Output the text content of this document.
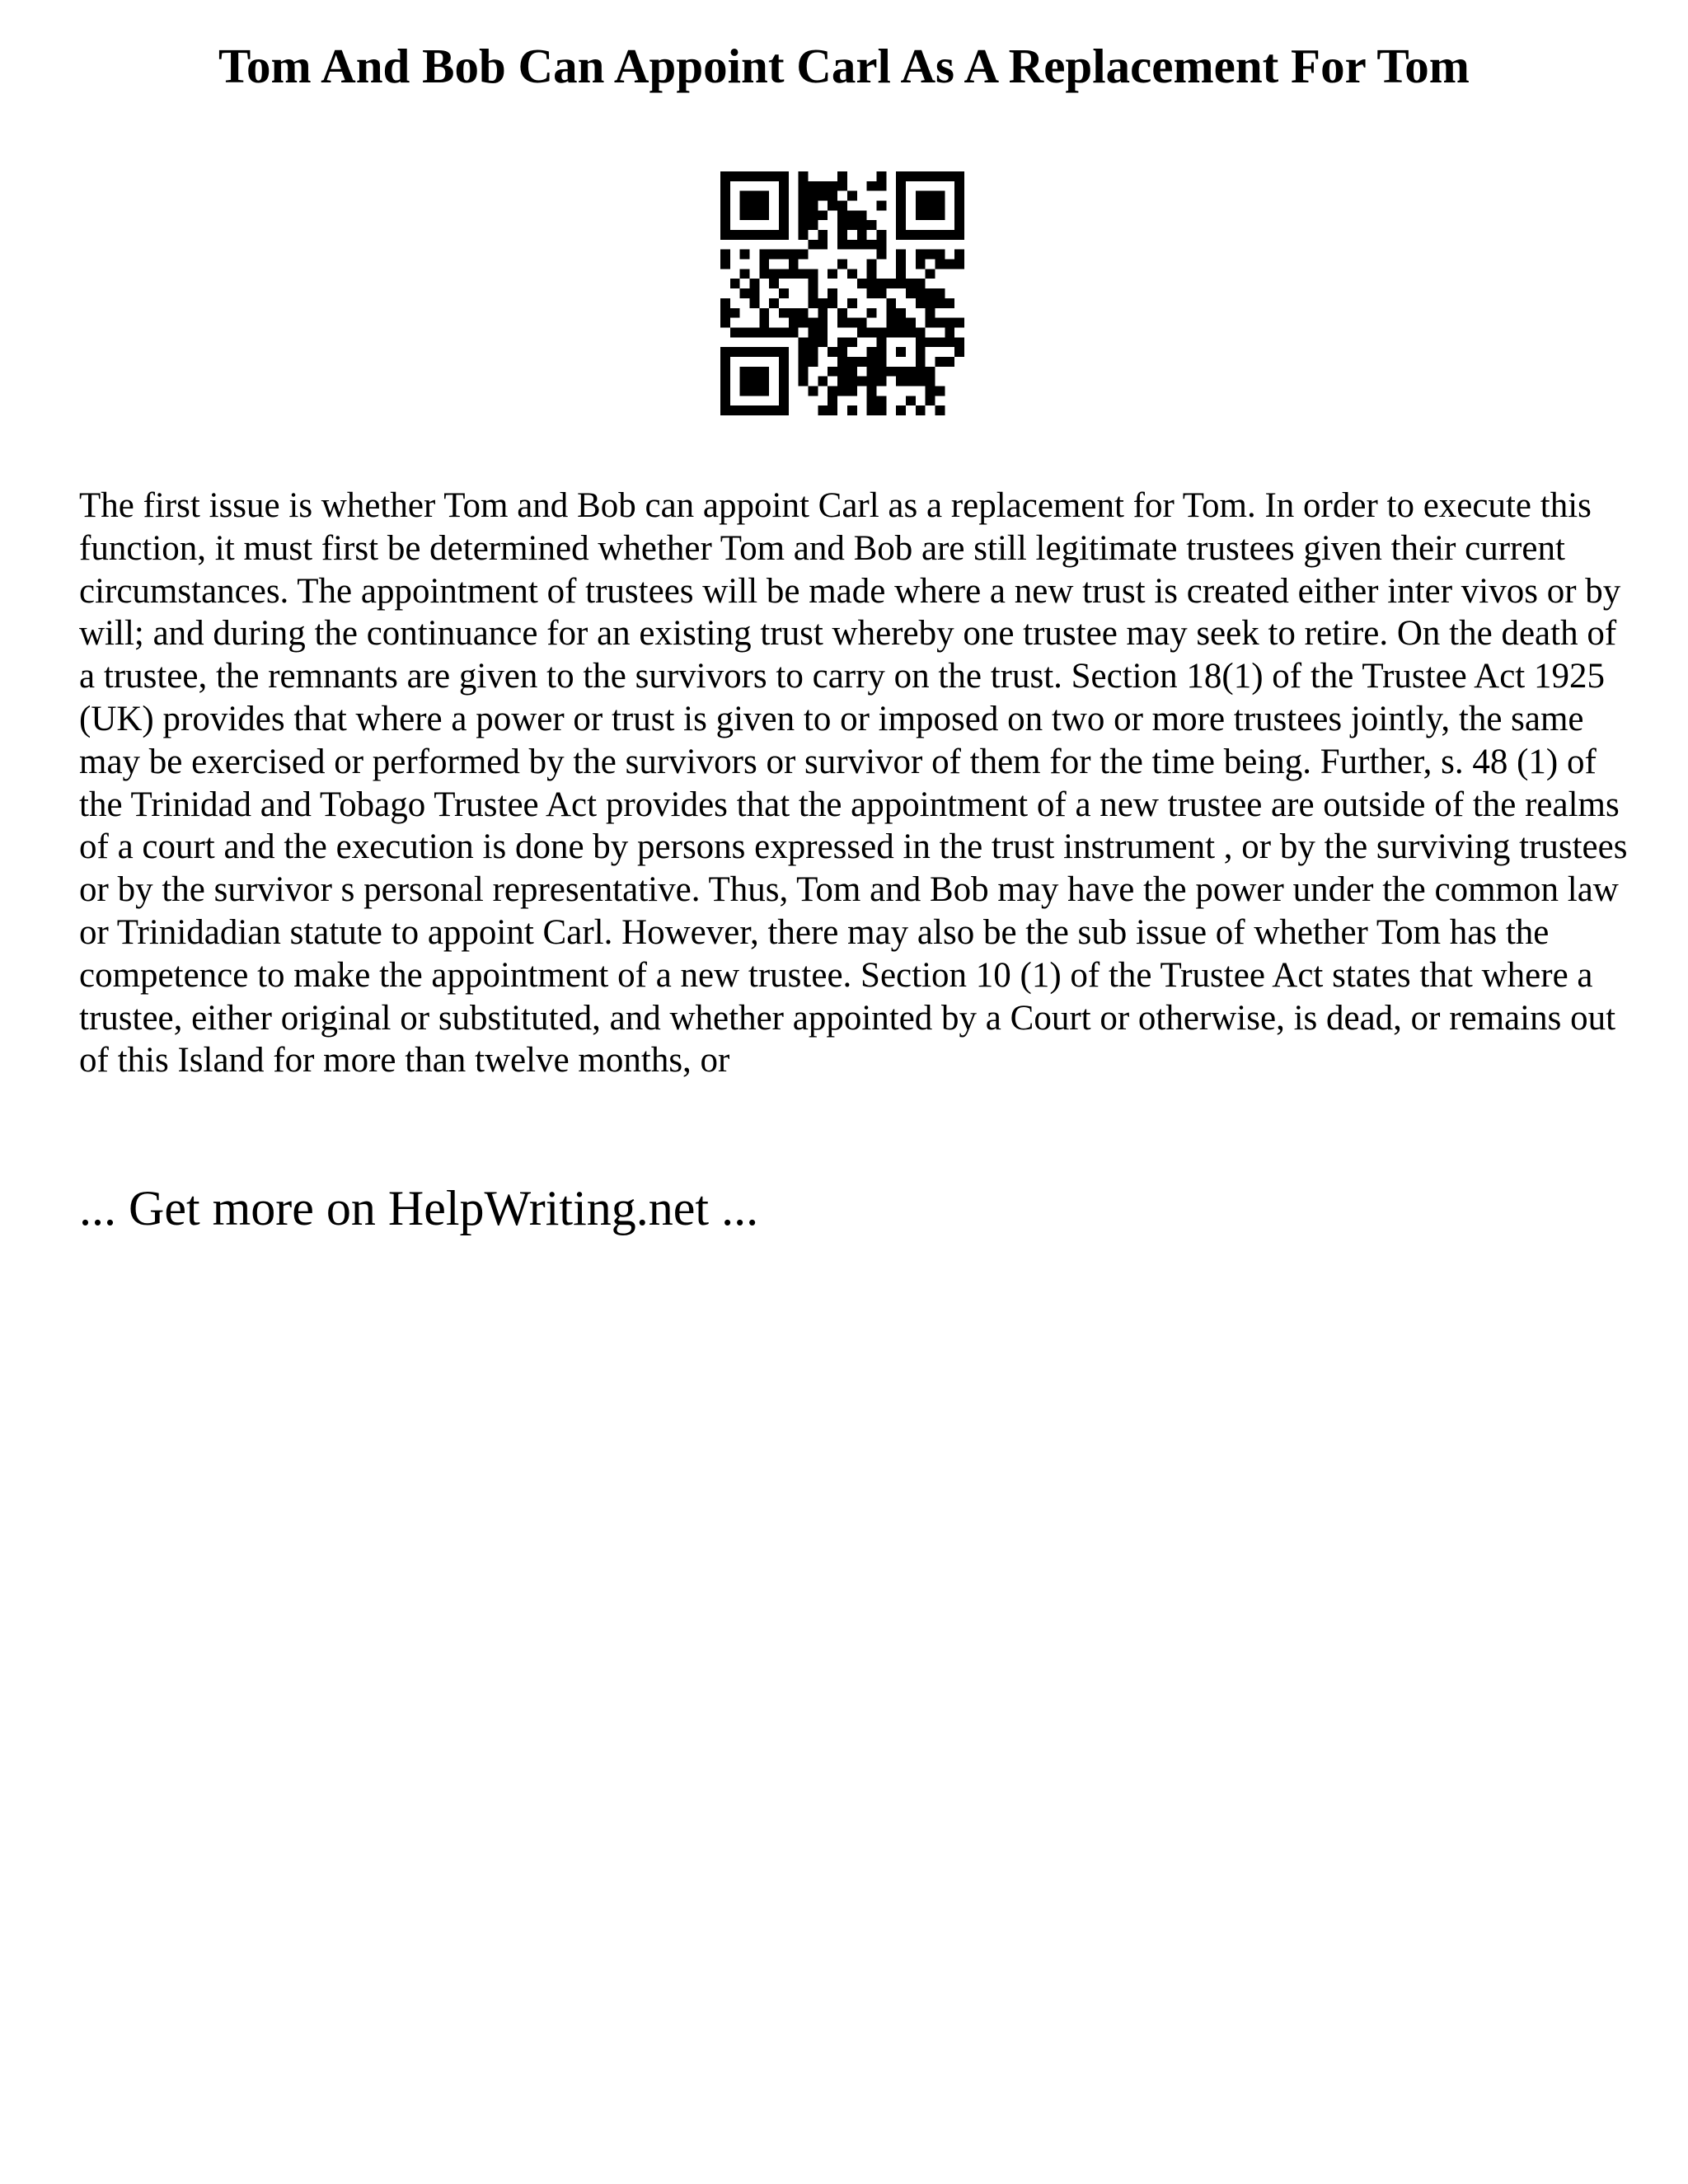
Tom And Bob Can Appoint Carl As A Replacement For Tom

The first issue is whether Tom and Bob can appoint Carl as a replacement for Tom. In order to execute this function, it must first be determined whether Tom and Bob are still legitimate trustees given their current circumstances. The appointment of trustees will be made where a new trust is created either inter vivos or by will; and during the continuance for an existing trust whereby one trustee may seek to retire. On the death of a trustee, the remnants are given to the survivors to carry on the trust. Section 18(1) of the Trustee Act 1925 (UK) provides that where a power or trust is given to or imposed on two or more trustees jointly, the same may be exercised or performed by the survivors or survivor of them for the time being. Further, s. 48 (1) of the Trinidad and Tobago Trustee Act provides that the appointment of a new trustee are outside of the realms of a court and the execution is done by persons expressed in the trust instrument , or by the surviving trustees or by the survivor s personal representative. Thus, Tom and Bob may have the power under the common law or Trinidadian statute to appoint Carl. However, there may also be the sub issue of whether Tom has the competence to make the appointment of a new trustee. Section 10 (1) of the Trustee Act states that where a trustee, either original or substituted, and whether appointed by a Court or otherwise, is dead, or remains out of this Island for more than twelve months, or

... Get more on HelpWriting.net ...
